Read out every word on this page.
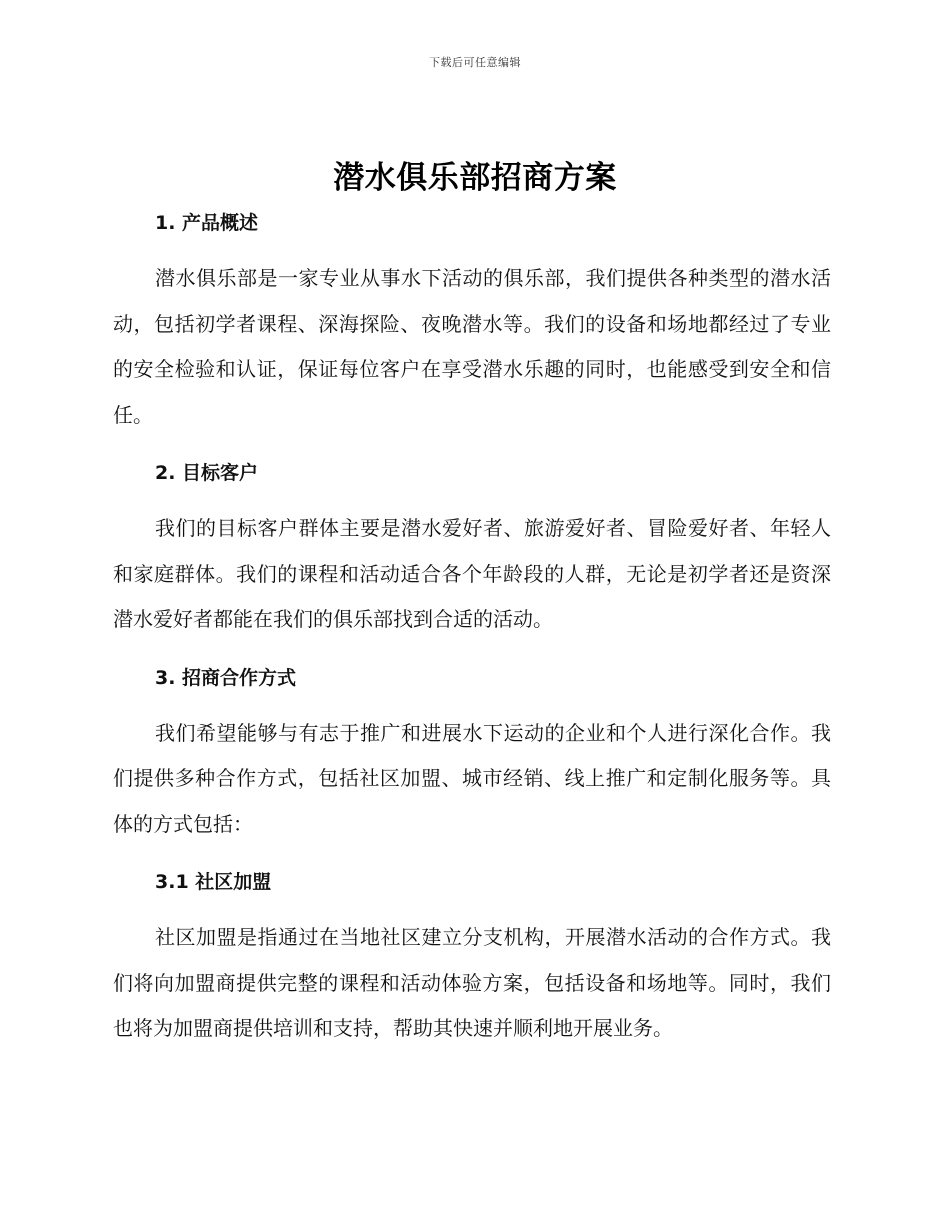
下载后可任意编辑
潜水俱乐部招商方案
1. 产品概述

潜水俱乐部是一家专业从事水下活动的俱乐部，我们提供各种类型的潜水活动，包括初学者课程、深海探险、夜晚潜水等。我们的设备和场地都经过了专业的安全检验和认证，保证每位客户在享受潜水乐趣的同时，也能感受到安全和信任。

2. 目标客户

我们的目标客户群体主要是潜水爱好者、旅游爱好者、冒险爱好者、年轻人和家庭群体。我们的课程和活动适合各个年龄段的人群，无论是初学者还是资深潜水爱好者都能在我们的俱乐部找到合适的活动。

3. 招商合作方式

我们希望能够与有志于推广和进展水下运动的企业和个人进行深化合作。我们提供多种合作方式，包括社区加盟、城市经销、线上推广和定制化服务等。具体的方式包括：

3.1 社区加盟

社区加盟是指通过在当地社区建立分支机构，开展潜水活动的合作方式。我们将向加盟商提供完整的课程和活动体验方案，包括设备和场地等。同时，我们也将为加盟商提供培训和支持，帮助其快速并顺利地开展业务。
